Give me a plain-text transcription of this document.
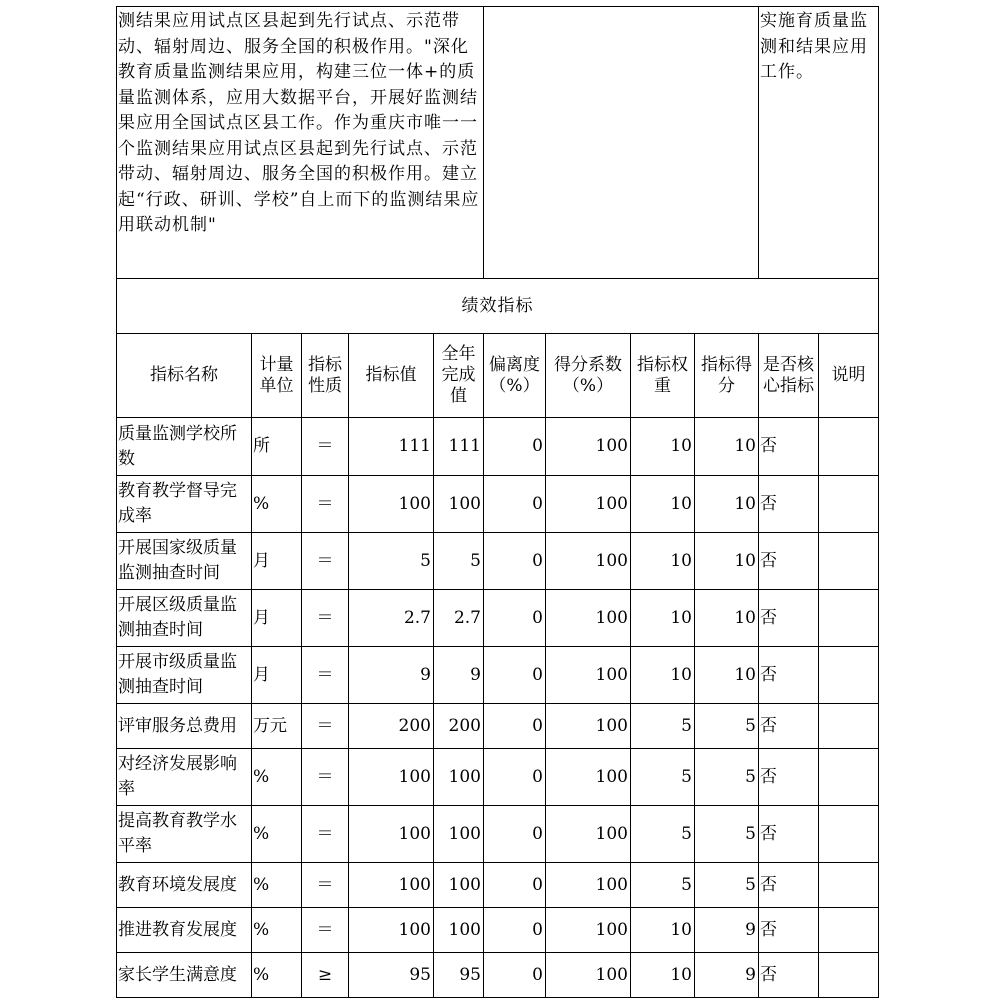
测结果应用试点区县起到先行试点、示范带动、辐射周边、服务全国的积极作用。"深化教育质量监测结果应用，构建三位一体+的质量监测体系，应用大数据平台，开展好监测结果应用全国试点区县工作。作为重庆市唯一一个监测结果应用试点区县起到先行试点、示范带动、辐射周边、服务全国的积极作用。建立起“行政、研训、学校”自上而下的监测结果应用联动机制"									实施育质量监测和结果应用工作。	
绩效指标										
指标名称	计量单位	指标性质	指标值	全年完成值	偏离度（%）	得分系数（%）	指标权重	指标得分	是否核心指标	说明
质量监测学校所数	所	＝	111	111	0	100	10	10	否	
教育教学督导完成率	%	＝	100	100	0	100	10	10	否	
开展国家级质量监测抽查时间	月	＝	5	5	0	100	10	10	否	
开展区级质量监测抽查时间	月	＝	2.7	2.7	0	100	10	10	否	
开展市级质量监测抽查时间	月	＝	9	9	0	100	10	10	否	
评审服务总费用	万元	＝	200	200	0	100	5	5	否	
对经济发展影响率	%	＝	100	100	0	100	5	5	否	
提高教育教学水平率	%	＝	100	100	0	100	5	5	否	
教育环境发展度	%	＝	100	100	0	100	5	5	否	
推进教育发展度	%	＝	100	100	0	100	10	9	否	
家长学生满意度	%	≥	95	95	0	100	10	9	否	
